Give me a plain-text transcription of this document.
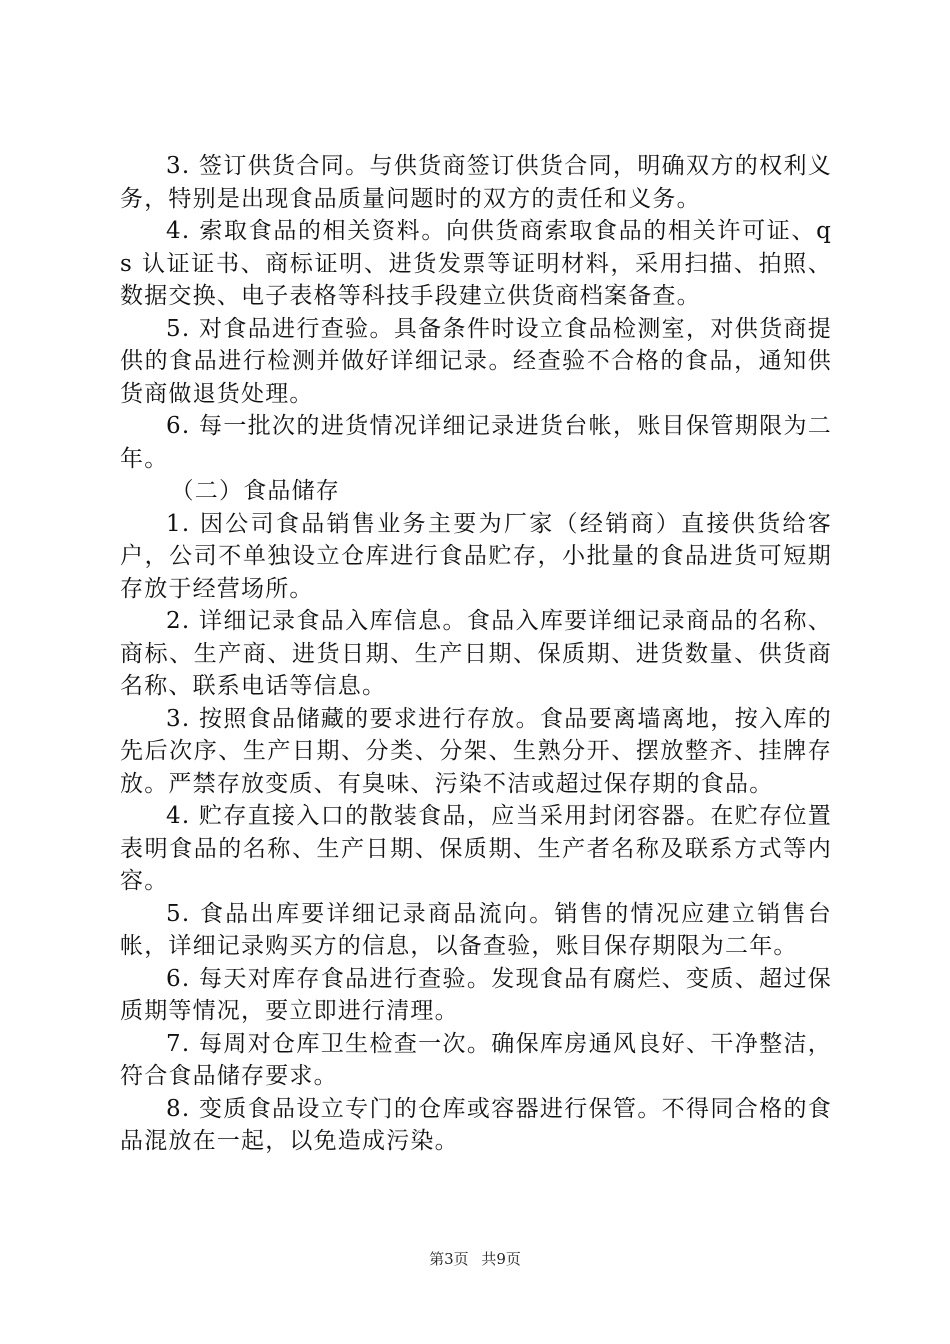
3. 签订供货合同。与供货商签订供货合同，明确双方的权利义务，特别是出现食品质量问题时的双方的责任和义务。

4. 索取食品的相关资料。向供货商索取食品的相关许可证、qs 认证证书、商标证明、进货发票等证明材料，采用扫描、拍照、数据交换、电子表格等科技手段建立供货商档案备查。

5. 对食品进行查验。具备条件时设立食品检测室，对供货商提供的食品进行检测并做好详细记录。经查验不合格的食品，通知供货商做退货处理。

6. 每一批次的进货情况详细记录进货台帐，账目保管期限为二年。

（二）食品储存

1. 因公司食品销售业务主要为厂家（经销商）直接供货给客户，公司不单独设立仓库进行食品贮存，小批量的食品进货可短期存放于经营场所。

2. 详细记录食品入库信息。食品入库要详细记录商品的名称、商标、生产商、进货日期、生产日期、保质期、进货数量、供货商名称、联系电话等信息。

3. 按照食品储藏的要求进行存放。食品要离墙离地，按入库的先后次序、生产日期、分类、分架、生熟分开、摆放整齐、挂牌存放。严禁存放变质、有臭味、污染不洁或超过保存期的食品。

4. 贮存直接入口的散装食品，应当采用封闭容器。在贮存位置表明食品的名称、生产日期、保质期、生产者名称及联系方式等内容。

5. 食品出库要详细记录商品流向。销售的情况应建立销售台帐，详细记录购买方的信息，以备查验，账目保存期限为二年。

6. 每天对库存食品进行查验。发现食品有腐烂、变质、超过保质期等情况，要立即进行清理。

7. 每周对仓库卫生检查一次。确保库房通风良好、干净整洁，符合食品储存要求。

8. 变质食品设立专门的仓库或容器进行保管。不得同合格的食品混放在一起，以免造成污染。

第3页 共9页
